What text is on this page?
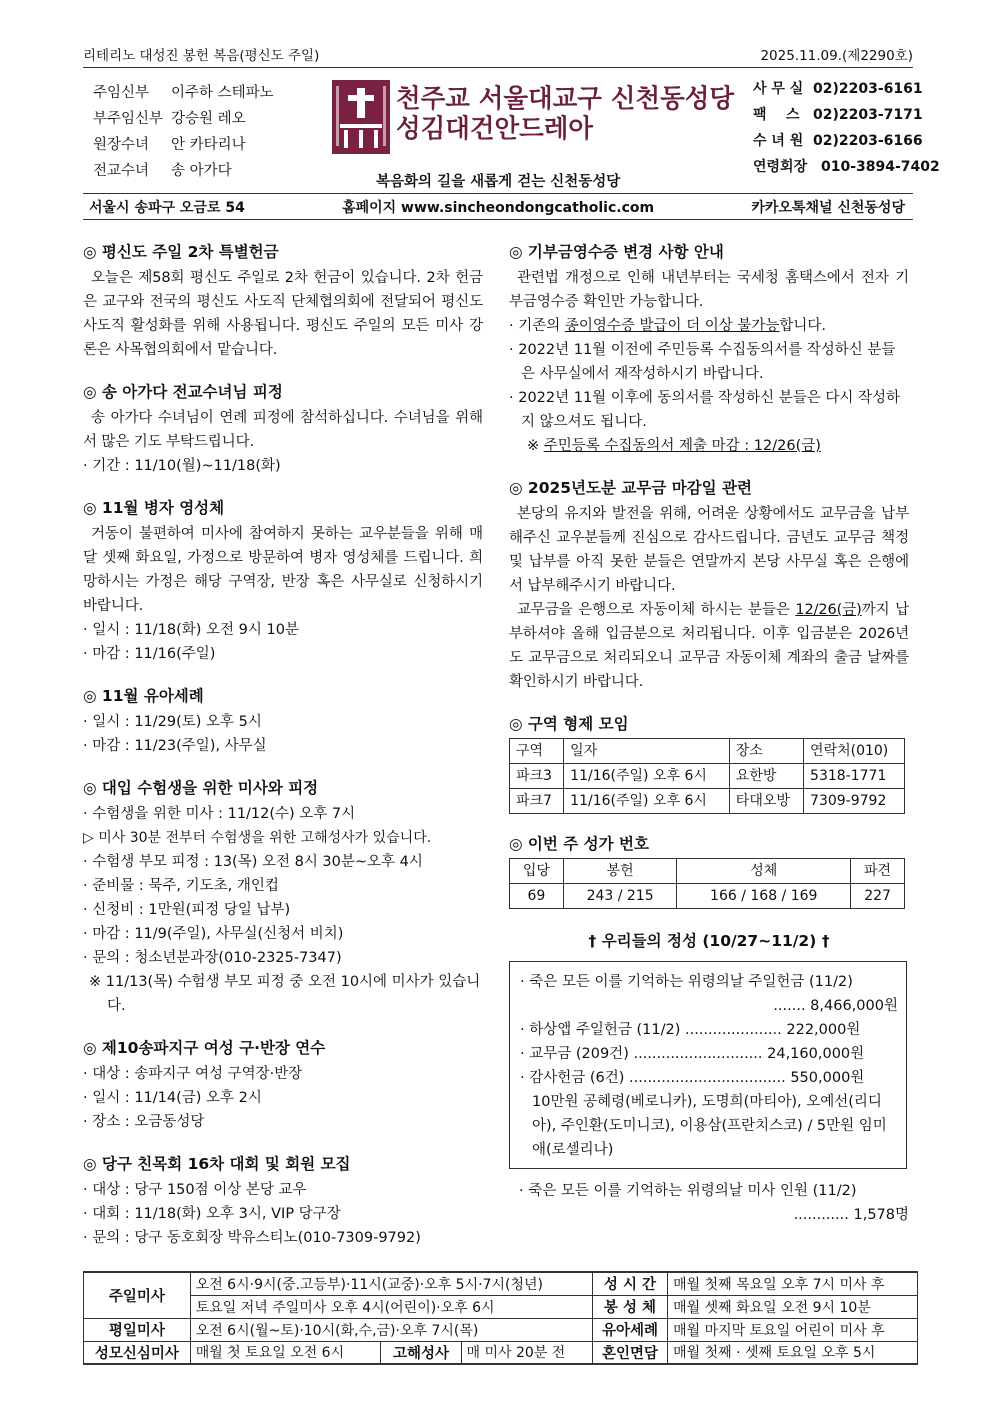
리테리노 대성진 봉헌 복음(평신도 주일)	2025.11.09.(제2290호)
주임신부	이주하 스테파노
부주임신부 강승원 레오
원장수녀	안 카타리나
전교수녀	송 아가다
천주교 서울대교구 신천동성당
성김대건안드레아
복음화의 길을 새롭게 걷는 신천동성당
사 무 실 02)2203-6161
팩    스 02)2203-7171
수 녀 원 02)2203-6166
연령회장 010-3894-7402
서울시 송파구 오금로 54	홈페이지 www.sincheondongcatholic.com	카카오톡채널 신천동성당
◎ 평신도 주일 2차 특별헌금

오늘은 제58회 평신도 주일로 2차 헌금이 있습니다. 2차 헌금은 교구와 전국의 평신도 사도직 단체협의회에 전달되어 평신도 사도직 활성화를 위해 사용됩니다. 평신도 주일의 모든 미사 강론은 사목협의회에서 맡습니다.

◎ 송 아가다 전교수녀님 피정

송 아가다 수녀님이 연례 피정에 참석하십니다. 수녀님을 위해서 많은 기도 부탁드립니다.

· 기간 : 11/10(월)~11/18(화)
◎ 11월 병자 영성체

거동이 불편하여 미사에 참여하지 못하는 교우분들을 위해 매달 셋째 화요일, 가정으로 방문하여 병자 영성체를 드립니다. 희망하시는 가정은 해당 구역장, 반장 혹은 사무실로 신청하시기 바랍니다.

· 일시 : 11/18(화) 오전 9시 10분
· 마감 : 11/16(주일)
◎ 11월 유아세례
· 일시 : 11/29(토) 오후 5시
· 마감 : 11/23(주일), 사무실
◎ 대입 수험생을 위한 미사와 피정
· 수험생을 위한 미사 : 11/12(수) 오후 7시
▷ 미사 30분 전부터 수험생을 위한 고해성사가 있습니다.
· 수험생 부모 피정 : 13(목) 오전 8시 30분~오후 4시
· 준비물 : 묵주, 기도초, 개인컵
· 신청비 : 1만원(피정 당일 납부)
· 마감 : 11/9(주일), 사무실(신청서 비치)
· 문의 : 청소년분과장(010-2325-7347)
※ 11/13(목) 수험생 부모 피정 중 오전 10시에 미사가 있습니다.
◎ 제10송파지구 여성 구·반장 연수
· 대상 : 송파지구 여성 구역장·반장
· 일시 : 11/14(금) 오후 2시
· 장소 : 오금동성당
◎ 당구 친목회 16차 대회 및 회원 모집
· 대상 : 당구 150점 이상 본당 교우
· 대회 : 11/18(화) 오후 3시, VIP 당구장
· 문의 : 당구 동호회장 박유스티노(010-7309-9792)
◎ 기부금영수증 변경 사항 안내

관련법 개정으로 인해 내년부터는 국세청 홈택스에서 전자 기부금영수증 확인만 가능합니다.

· 기존의 종이영수증 발급이 더 이상 불가능합니다.
· 2022년 11월 이전에 주민등록 수집동의서를 작성하신 분들은 사무실에서 재작성하시기 바랍니다.
· 2022년 11월 이후에 동의서를 작성하신 분들은 다시 작성하지 않으셔도 됩니다.
※ 주민등록 수집동의서 제출 마감 : 12/26(금)
◎ 2025년도분 교무금 마감일 관련

본당의 유지와 발전을 위해, 어려운 상황에서도 교무금을 납부해주신 교우분들께 진심으로 감사드립니다. 금년도 교무금 책정 및 납부를 아직 못한 분들은 연말까지 본당 사무실 혹은 은행에서 납부해주시기 바랍니다.

교무금을 은행으로 자동이체 하시는 분들은 12/26(금)까지 납부하셔야 올해 입금분으로 처리됩니다. 이후 입금분은 2026년도 교무금으로 처리되오니 교무금 자동이체 계좌의 출금 날짜를 확인하시기 바랍니다.

◎ 구역 형제 모임
구역	일자	장소	연락처(010)
파크3	11/16(주일) 오후 6시	요한방	5318-1771
파크7	11/16(주일) 오후 6시	타대오방	7309-9792
◎ 이번 주 성가 번호
입당	봉헌	성체	파견
69	243 / 215	166 / 168 / 169	227
† 우리들의 정성 (10/27~11/2) †
· 죽은 모든 이를 기억하는 위령의날 주일헌금 (11/2)
....... 8,466,000원
· 하상앱 주일헌금 (11/2) ..................... 222,000원
· 교무금 (209건) ............................ 24,160,000원
· 감사헌금 (6건) .................................. 550,000원
10만원 공혜령(베로니카), 도명희(마티아), 오예선(리디아), 주인환(도미니코), 이용삼(프란치스코) / 5만원 임미애(로셀리나)
· 죽은 모든 이를 기억하는 위령의날 미사 인원 (11/2)
............ 1,578명
주일미사	오전 6시·9시(중.고등부)·11시(교중)·오후 5시·7시(청년)			성 시 간	매월 첫째 목요일 오후 7시 미사 후
	토요일 저녁 주일미사 오후 4시(어린이)·오후 6시			봉 성 체	매월 셋째 화요일 오전 9시 10분
평일미사	오전 6시(월~토)·10시(화,수,금)·오후 7시(목)			유아세례	매월 마지막 토요일 어린이 미사 후
성모신심미사	매월 첫 토요일 오전 6시	고해성사	매 미사 20분 전	혼인면담	매월 첫째 · 셋째 토요일 오후 5시
